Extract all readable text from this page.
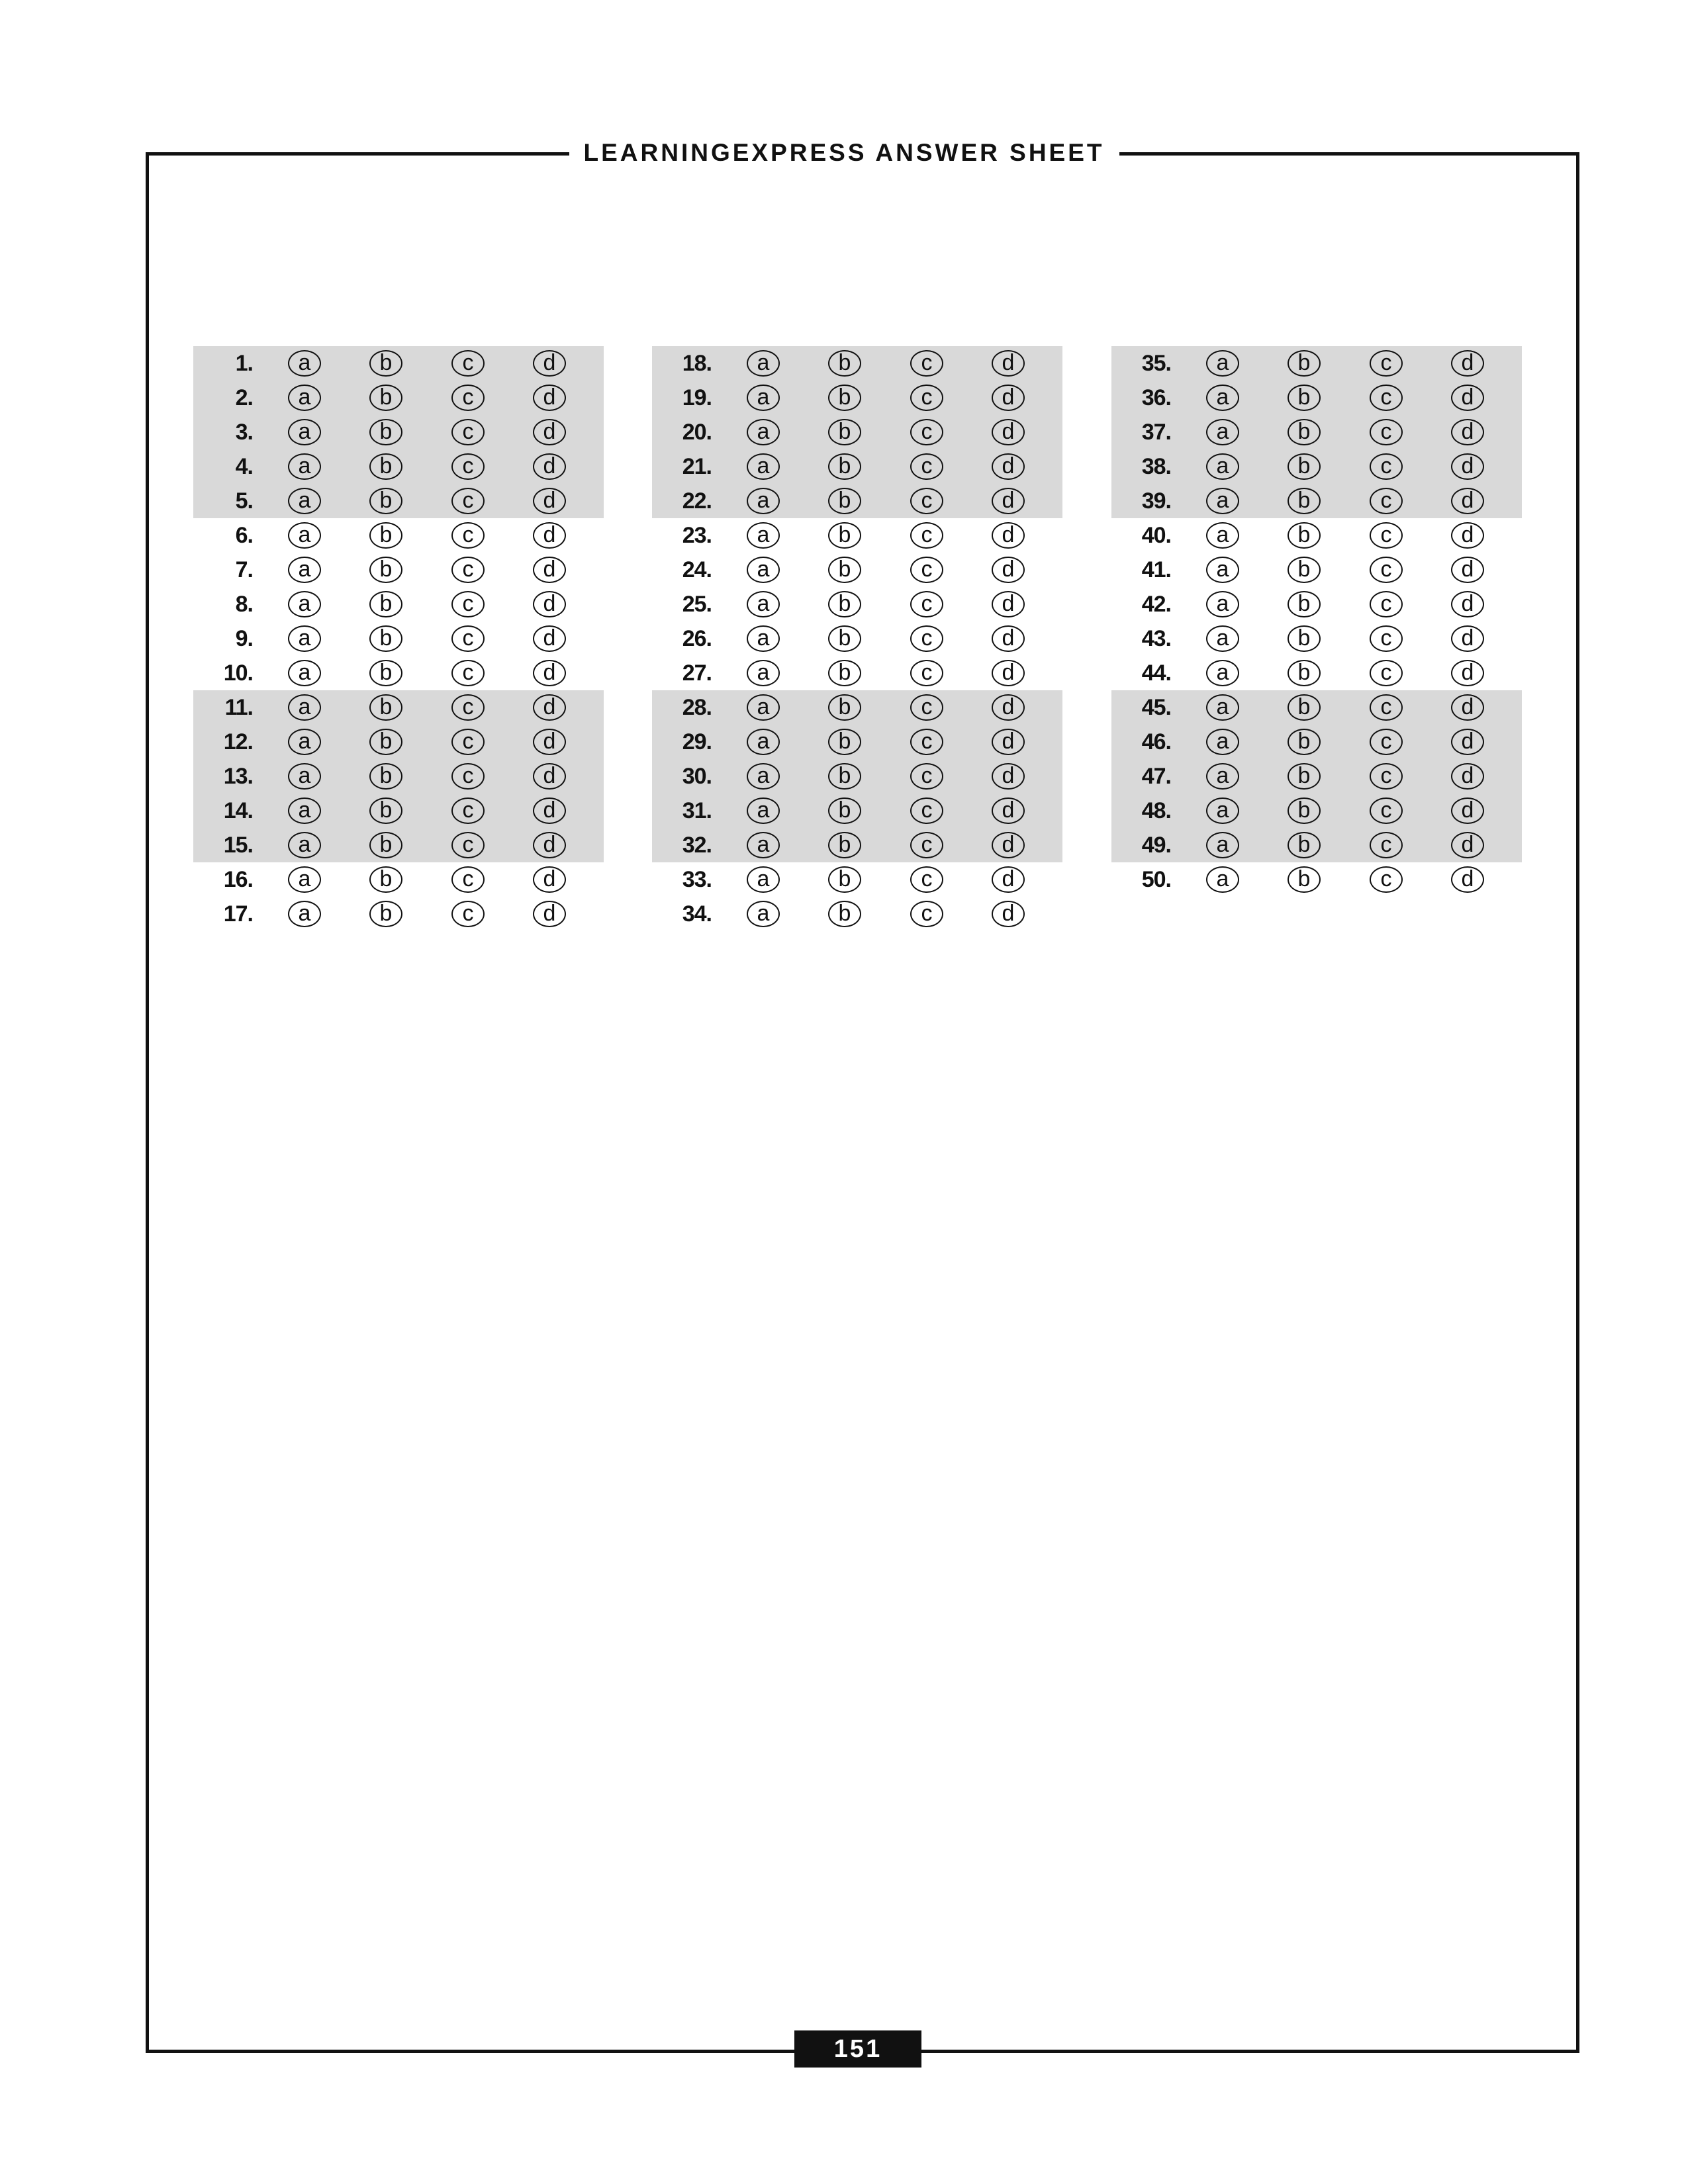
LEARNINGEXPRESS ANSWER SHEET
1.	a	b	c	d
2.	a	b	c	d
3.	a	b	c	d
4.	a	b	c	d
5.	a	b	c	d
6.	a	b	c	d
7.	a	b	c	d
8.	a	b	c	d
9.	a	b	c	d
10.	a	b	c	d
11.	a	b	c	d
12.	a	b	c	d
13.	a	b	c	d
14.	a	b	c	d
15.	a	b	c	d
16.	a	b	c	d
17.	a	b	c	d
18.	a	b	c	d
19.	a	b	c	d
20.	a	b	c	d
21.	a	b	c	d
22.	a	b	c	d
23.	a	b	c	d
24.	a	b	c	d
25.	a	b	c	d
26.	a	b	c	d
27.	a	b	c	d
28.	a	b	c	d
29.	a	b	c	d
30.	a	b	c	d
31.	a	b	c	d
32.	a	b	c	d
33.	a	b	c	d
34.	a	b	c	d
35.	a	b	c	d
36.	a	b	c	d
37.	a	b	c	d
38.	a	b	c	d
39.	a	b	c	d
40.	a	b	c	d
41.	a	b	c	d
42.	a	b	c	d
43.	a	b	c	d
44.	a	b	c	d
45.	a	b	c	d
46.	a	b	c	d
47.	a	b	c	d
48.	a	b	c	d
49.	a	b	c	d
50.	a	b	c	d
151
